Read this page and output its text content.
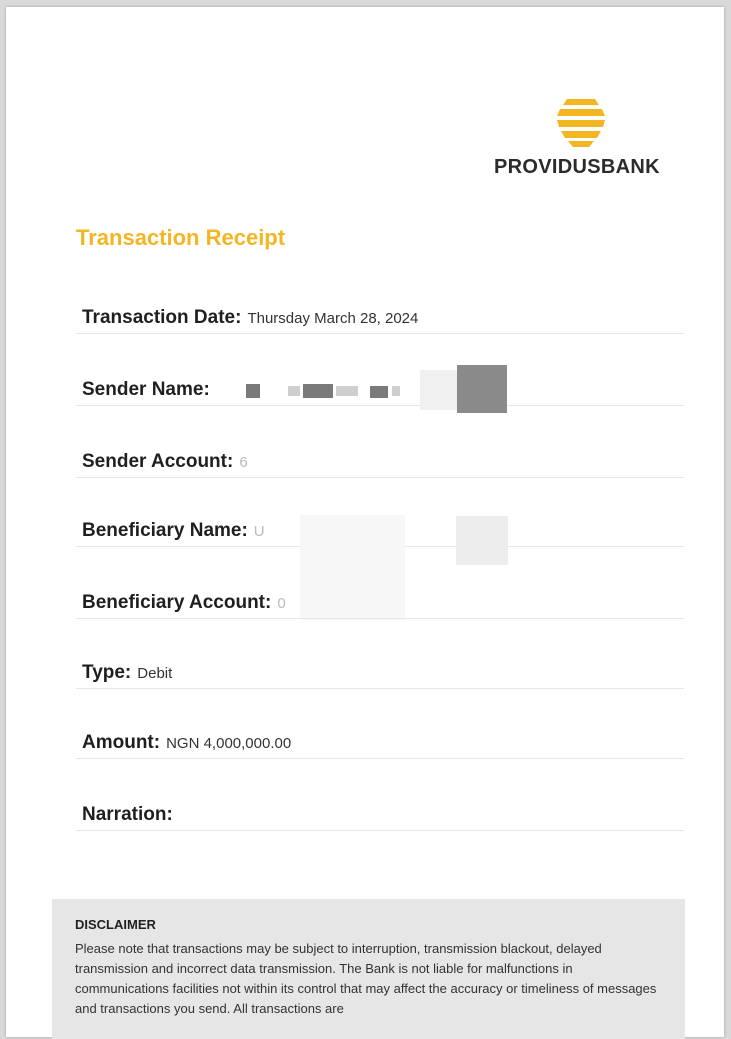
PROVIDUSBANK
Transaction Receipt
Transaction Date: Thursday March 28, 2024
Sender Name:
Sender Account: 6
Beneficiary Name: U
Beneficiary Account: 0
Type: Debit
Amount: NGN 4,000,000.00
Narration:
DISCLAIMER
Please note that transactions may be subject to interruption, transmission blackout, delayed transmission and incorrect data transmission. The Bank is not liable for malfunctions in communications facilities not within its control that may affect the accuracy or timeliness of messages and transactions you send. All transactions are
